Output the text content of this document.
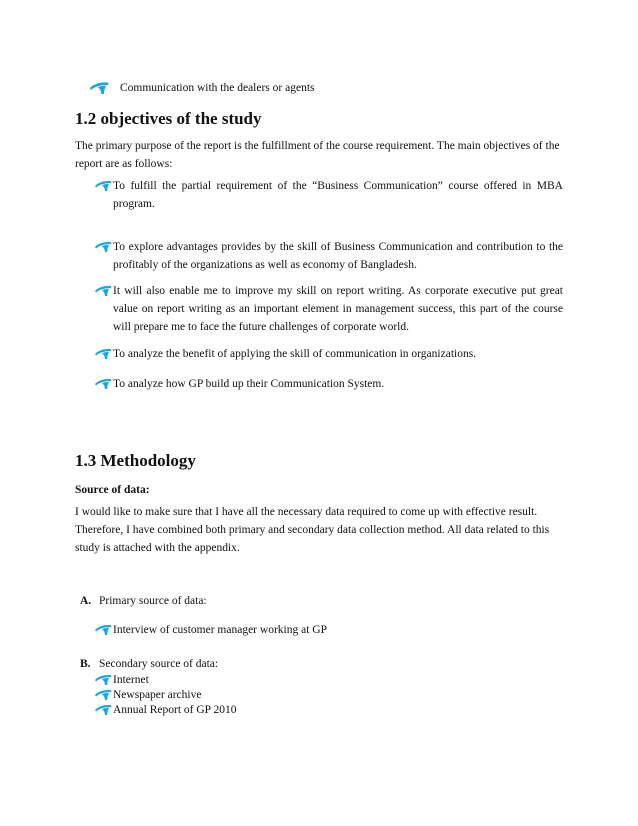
Communication with the dealers or agents
1.2 objectives of the study
The primary purpose of the report is the fulfillment of the course requirement. The main objectives of the report are as follows:
To fulfill the partial requirement of the “Business Communication” course offered in MBA program.
To explore advantages provides by the skill of Business Communication and contribution to the profitably of the organizations as well as economy of Bangladesh.
It will also enable me to improve my skill on report writing. As corporate executive put great value on report writing as an important element in management success, this part of the course will prepare me to face the future challenges of corporate world.
To analyze the benefit of applying the skill of communication in organizations.
To analyze how GP build up their Communication System.
1.3 Methodology
Source of data:
I would like to make sure that I have all the necessary data required to come up with effective result. Therefore, I have combined both primary and secondary data collection method. All data related to this study is attached with the appendix.
A. Primary source of data:
Interview of customer manager working at GP
B. Secondary source of data:
Internet
Newspaper archive
Annual Report of GP 2010
